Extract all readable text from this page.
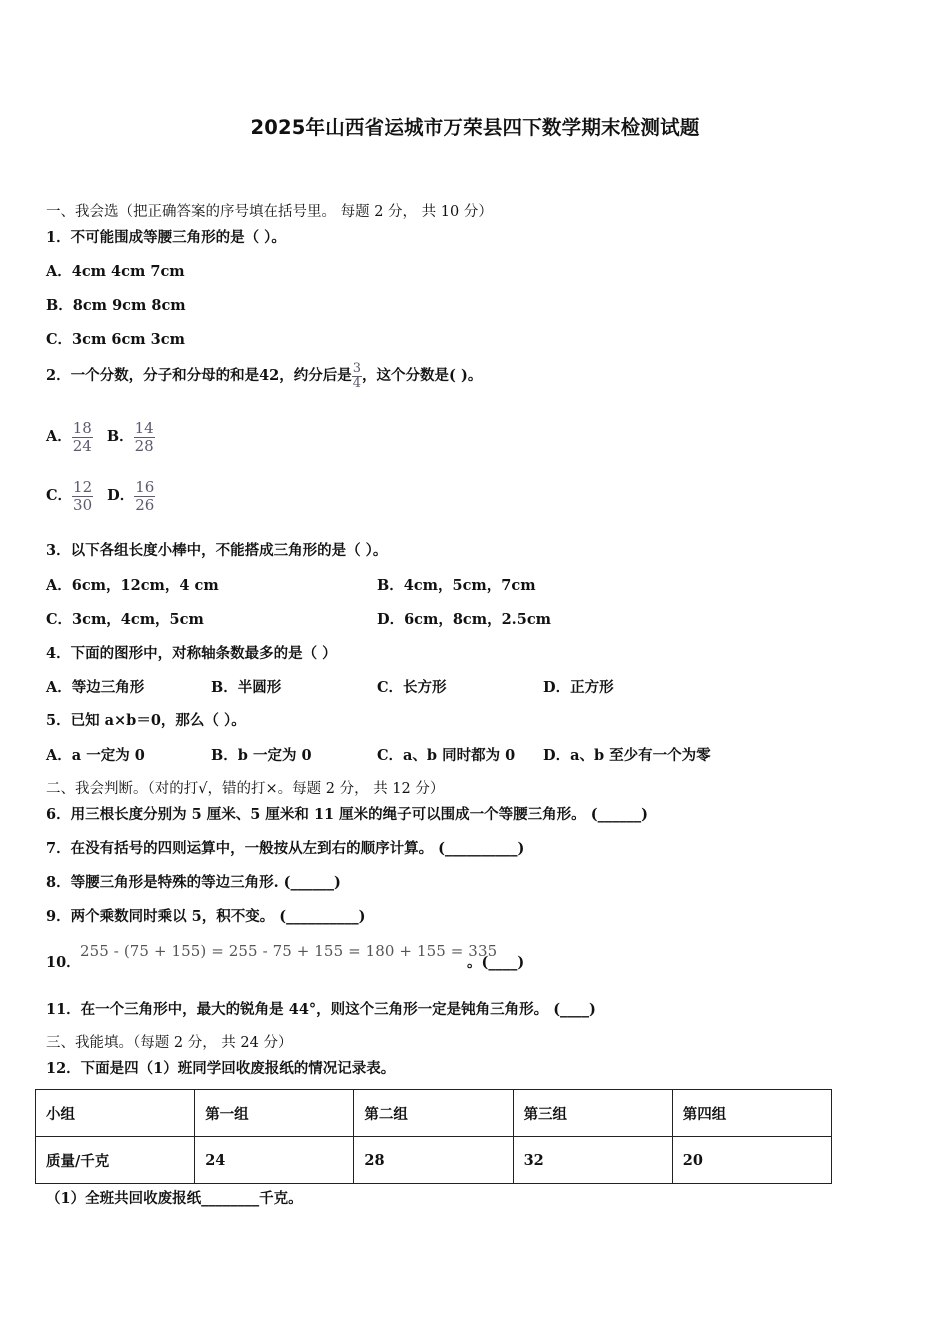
2025年山西省运城市万荣县四下数学期末检测试题
一、我会选（把正确答案的序号填在括号里。 每题 2 分， 共 10 分）
1．不可能围成等腰三角形的是（ ）。
A．4cm 4cm 7cm
B．8cm 9cm 8cm
C．3cm 6cm 3cm
2．一个分数，分子和分母的和是42，约分后是 $\frac{3}{4}$ ，这个分数是( )。
A． $\frac{18}{24}$ B． $\frac{14}{28}$
C． $\frac{12}{30}$ D． $\frac{16}{26}$
3．以下各组长度小棒中，不能搭成三角形的是（ ）。
A．6cm，12cm，4 cm	B．4cm，5cm，7cm
C．3cm，4cm，5cm	D．6cm，8cm，2.5cm
4．下面的图形中，对称轴条数最多的是（ ）
A．等边三角形	B．半圆形	C．长方形	D．正方形
5．已知 a×b＝0，那么（ ）。
A．a 一定为 0	B．b 一定为 0	C．a、b 同时都为 0 D．a、b 至少有一个为零
二、我会判断。（对的打√，错的打×。每题 2 分， 共 12 分）
6．用三根长度分别为 5 厘米、5 厘米和 11 厘米的绳子可以围成一个等腰三角形。 (______)
7．在没有括号的四则运算中，一般按从左到右的顺序计算。 (__________)
8．等腰三角形是特殊的等边三角形. (______)
9．两个乘数同时乘以 5，积不变。 (__________)
10．
255 - (75 + 155) = 255 - 75 + 155 = 180 + 155 = 335
。(____)
11．在一个三角形中，最大的锐角是 44°，则这个三角形一定是钝角三角形。 (____)
三、我能填。（每题 2 分， 共 24 分）
12．下面是四（1）班同学回收废报纸的情况记录表。
小组	第一组	第二组	第三组	第四组
质量/千克	24	28	32	20
（1）全班共回收废报纸________千克。
